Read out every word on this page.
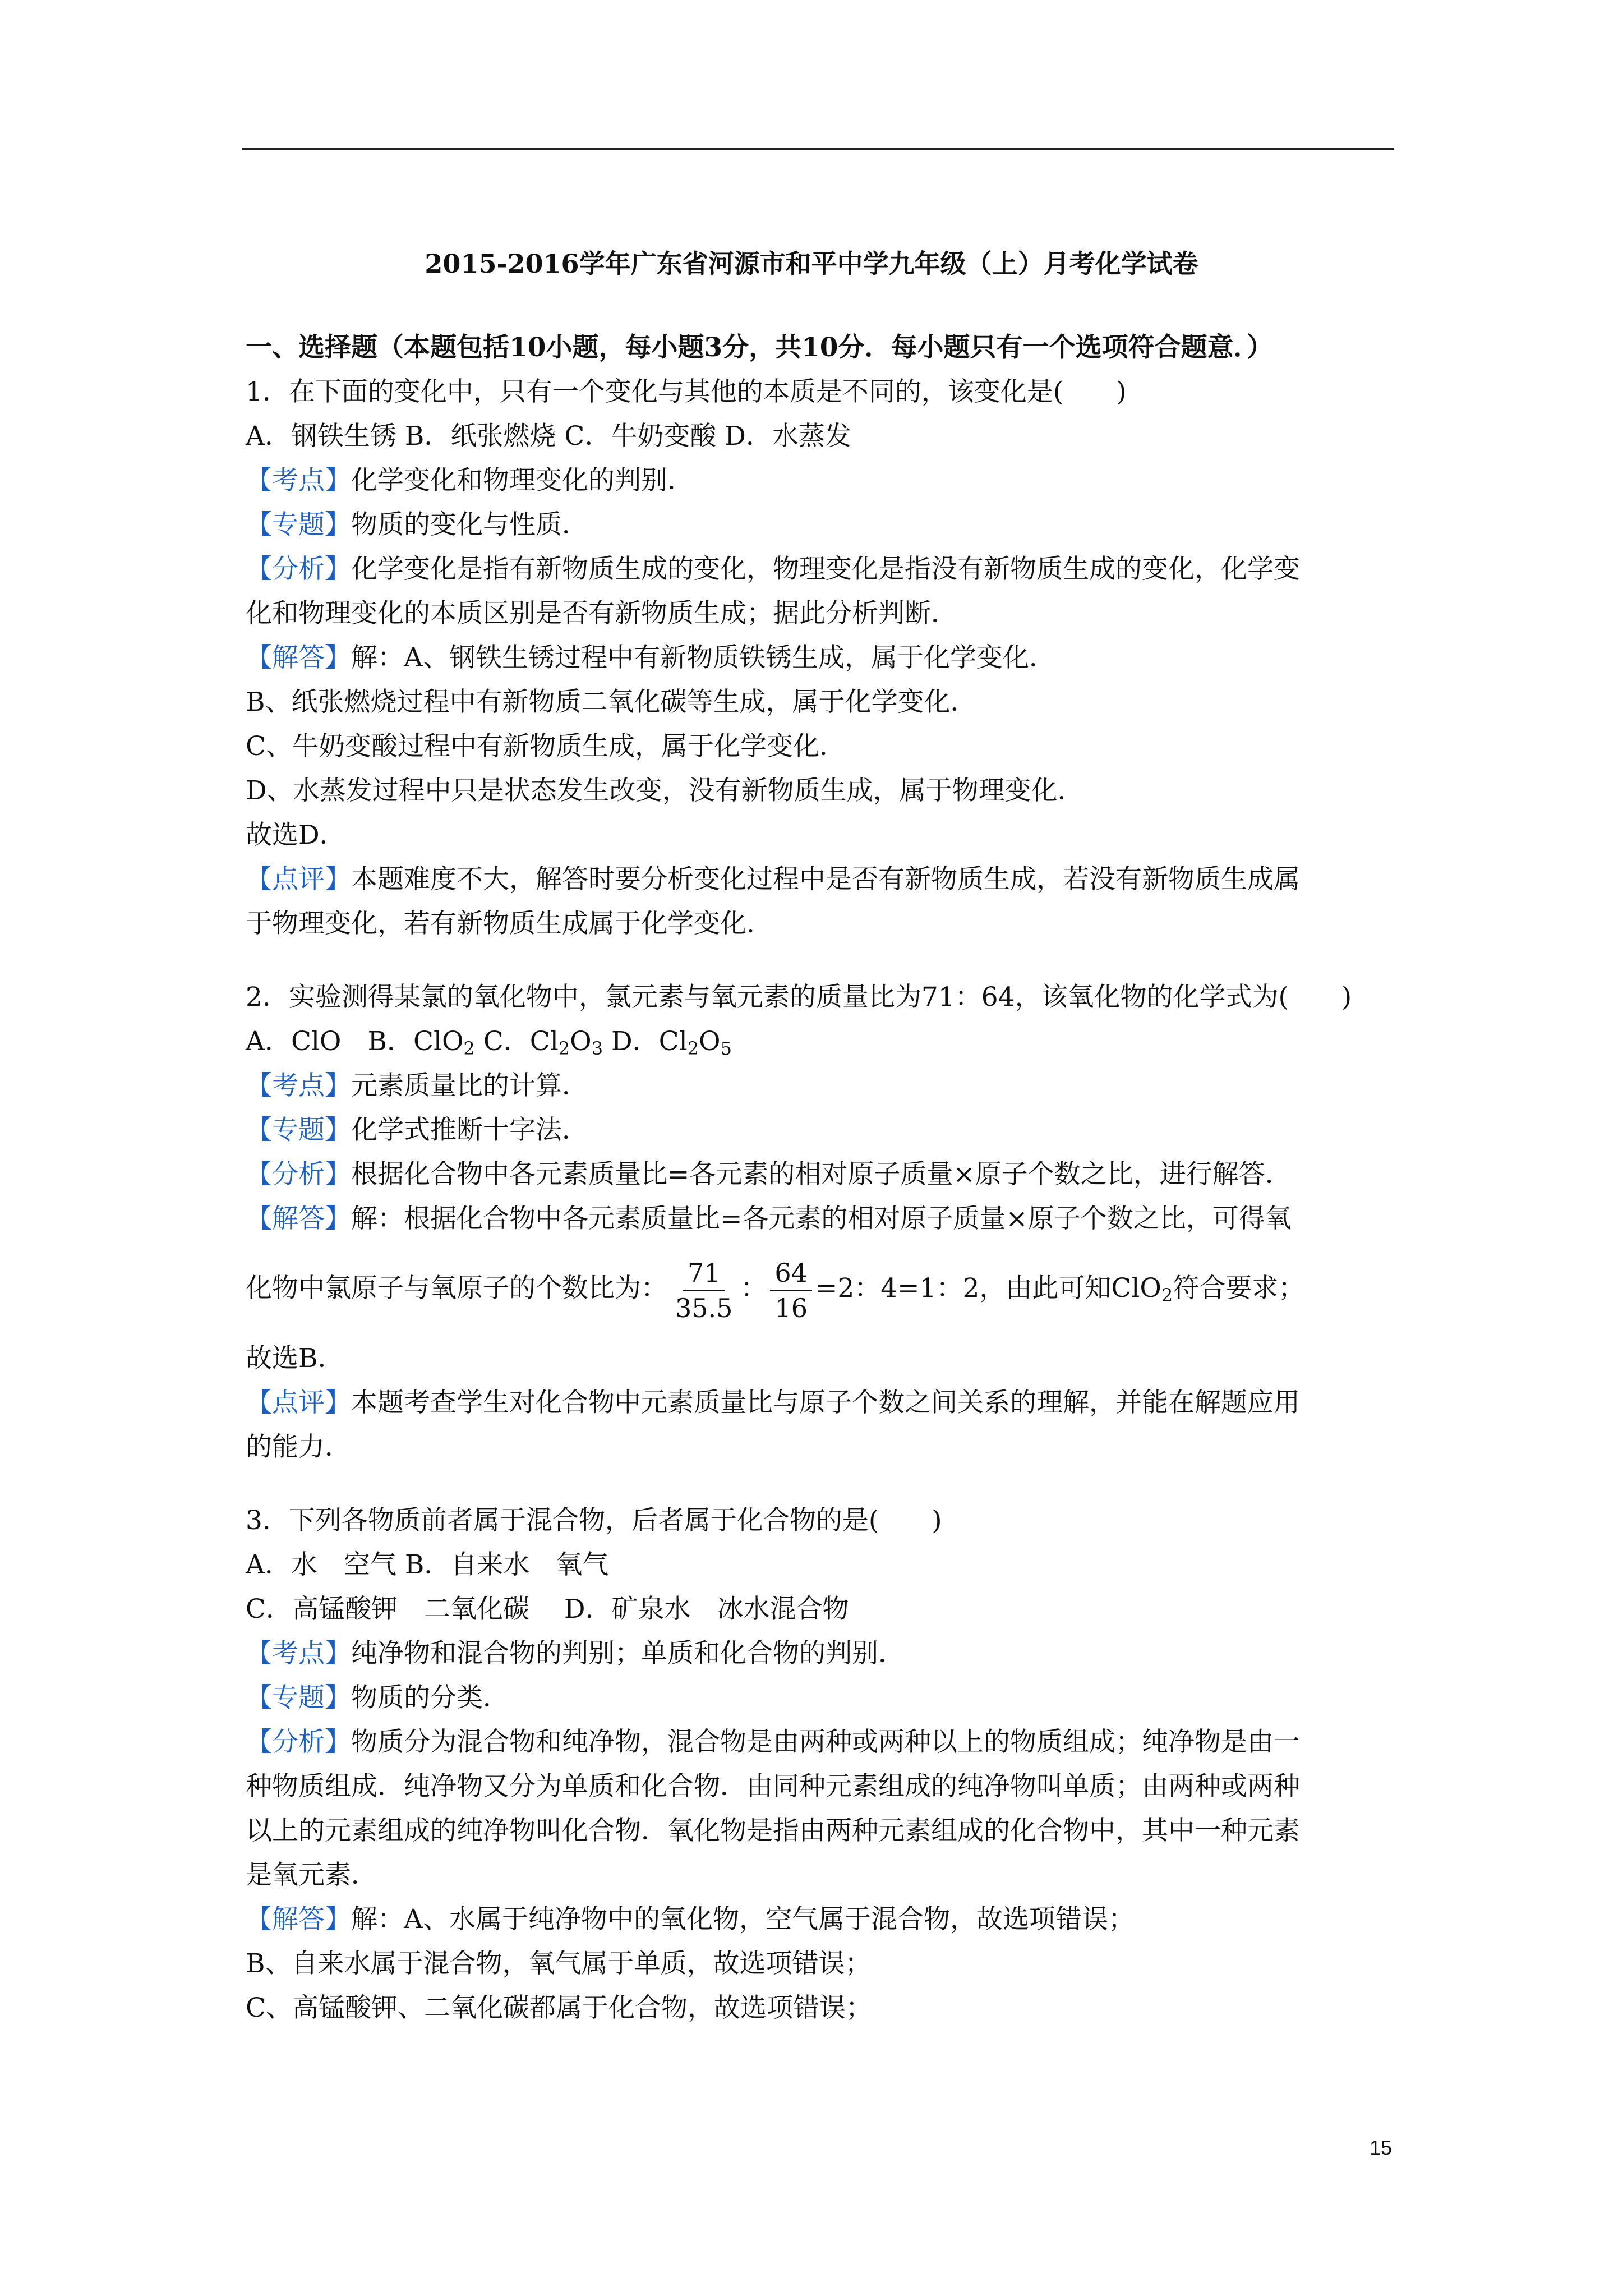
2015-2016学年广东省河源市和平中学九年级（上）月考化学试卷
一、选择题（本题包括10小题，每小题3分，共10分．每小题只有一个选项符合题意．）
1．在下面的变化中，只有一个变化与其他的本质是不同的，该变化是(　　)
A．钢铁生锈 B．纸张燃烧 C．牛奶变酸 D．水蒸发
【考点】化学变化和物理变化的判别．
【专题】物质的变化与性质．
【分析】化学变化是指有新物质生成的变化，物理变化是指没有新物质生成的变化，化学变
化和物理变化的本质区别是否有新物质生成；据此分析判断．
【解答】解：A、钢铁生锈过程中有新物质铁锈生成，属于化学变化．
B、纸张燃烧过程中有新物质二氧化碳等生成，属于化学变化．
C、牛奶变酸过程中有新物质生成，属于化学变化．
D、水蒸发过程中只是状态发生改变，没有新物质生成，属于物理变化．
故选D．
【点评】本题难度不大，解答时要分析变化过程中是否有新物质生成，若没有新物质生成属
于物理变化，若有新物质生成属于化学变化．
2．实验测得某氯的氧化物中，氯元素与氧元素的质量比为71：64，该氧化物的化学式为(　　)
A．ClO　B．ClO$_2$ C．$Cl_2O_3$ D．$Cl_2O_5$
【考点】元素质量比的计算．
【专题】化学式推断十字法．
【分析】根据化合物中各元素质量比=各元素的相对原子质量×原子个数之比，进行解答．
【解答】解：根据化合物中各元素质量比=各元素的相对原子质量×原子个数之比，可得氧
化物中氯原子与氧原子的个数比为： $\frac{71}{35.5}$ ： $\frac{64}{16} =2$：4=1：2，由此可知ClO$_2$符合要求；
故选B．
【点评】本题考查学生对化合物中元素质量比与原子个数之间关系的理解，并能在解题应用
的能力．
3．下列各物质前者属于混合物，后者属于化合物的是(　　)
A．水　空气 B．自来水　氧气
C．高锰酸钾　二氧化碳　 D．矿泉水　冰水混合物
【考点】纯净物和混合物的判别；单质和化合物的判别．
【专题】物质的分类．
【分析】物质分为混合物和纯净物，混合物是由两种或两种以上的物质组成；纯净物是由一
种物质组成．纯净物又分为单质和化合物．由同种元素组成的纯净物叫单质；由两种或两种
以上的元素组成的纯净物叫化合物．氧化物是指由两种元素组成的化合物中，其中一种元素
是氧元素．
【解答】解：A、水属于纯净物中的氧化物，空气属于混合物，故选项错误；
B、自来水属于混合物，氧气属于单质，故选项错误；
C、高锰酸钾、二氧化碳都属于化合物，故选项错误；
15
